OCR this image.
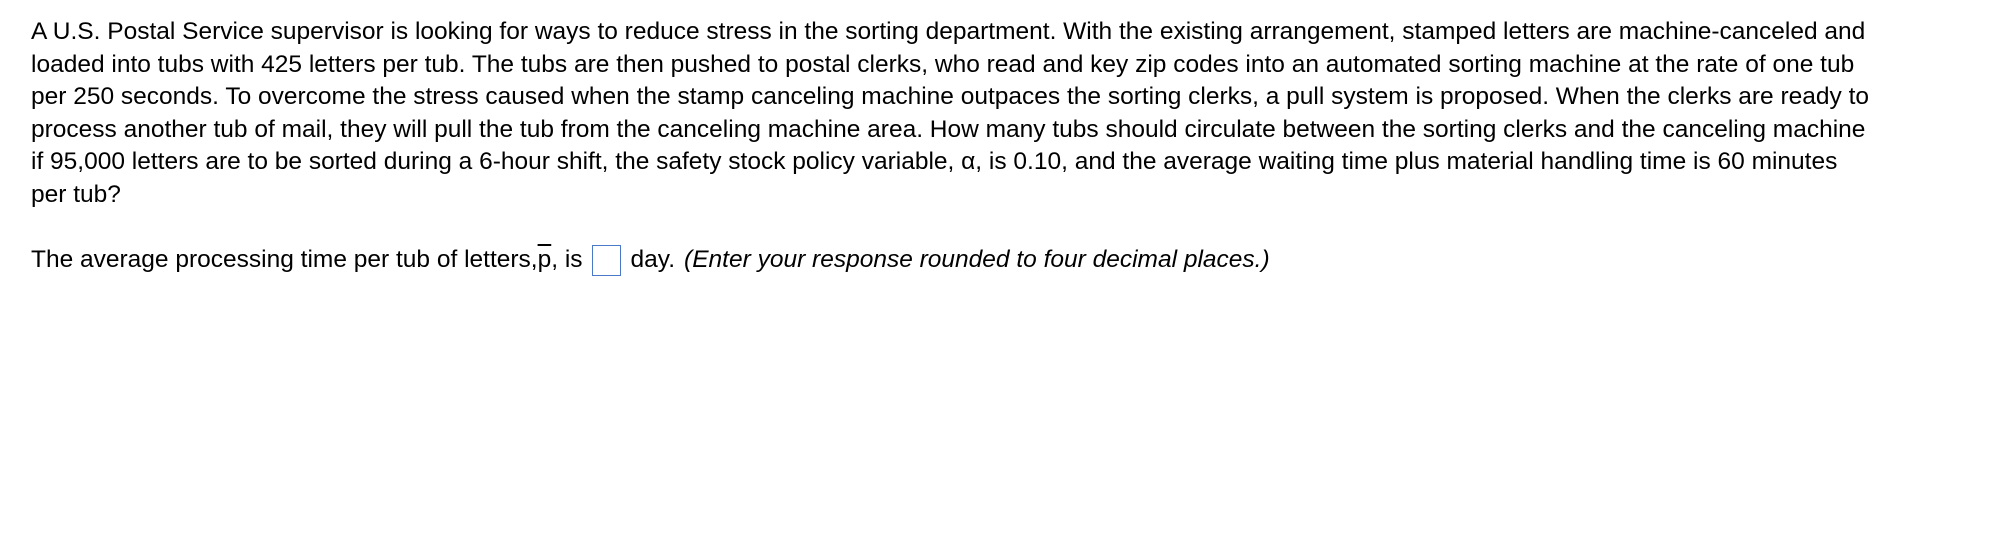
A U.S. Postal Service supervisor is looking for ways to reduce stress in the sorting department. With the existing arrangement, stamped letters are machine-canceled and
loaded into tubs with 425 letters per tub. The tubs are then pushed to postal clerks, who read and key zip codes into an automated sorting machine at the rate of one tub
per 250 seconds. To overcome the stress caused when the stamp canceling machine outpaces the sorting clerks, a pull system is proposed. When the clerks are ready to
process another tub of mail, they will pull the tub from the canceling machine area. How many tubs should circulate between the sorting clerks and the canceling machine
if 95,000 letters are to be sorted during a 6-hour shift, the safety stock policy variable, α, is 0.10, and the average waiting time plus material handling time is 60 minutes
per tub?

The average processing time per tub of letters, $\overline{p}$ , is day. (Enter your response rounded to four decimal places.)
